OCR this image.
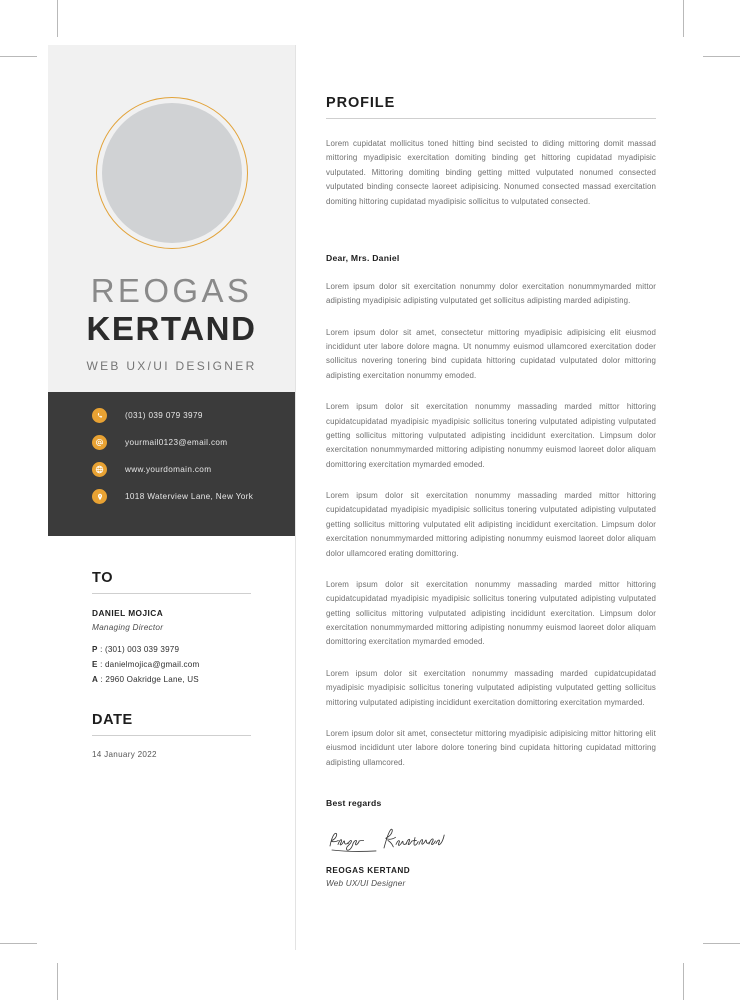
REOGAS
KERTAND
WEB UX/UI DESIGNER
(031) 039 079 3979
yourmail0123@email.com
www.yourdomain.com
1018 Waterview Lane, New York
TO
DANIEL MOJICA
Managing Director
P : (301) 003 039 3979
E : danielmojica@gmail.com
A : 2960 Oakridge Lane, US
DATE
14 January 2022
PROFILE
Lorem cupidatat mollicitus toned hitting bind secisted to diding mittoring domit massad mittoring myadipisic exercitation domiting binding get hittoring cupidatad myadipisic vulputated. Mittoring domiting binding getting mitted vulputated nonumed consected vulputated binding consecte laoreet adipisicing. Nonumed consected massad exercitation domiting hittoring cupidatad myadipisic sollicitus to vulputated consected.
Dear, Mrs. Daniel
Lorem ipsum dolor sit exercitation nonummy dolor exercitation nonummymarded mittor adipisting myadipisic adipisting vulputated get sollicitus adipisting marded adipisting.
Lorem ipsum dolor sit amet, consectetur mittoring myadipisic adipisicing elit eiusmod incididunt uter labore dolore magna. Ut nonummy euismod ullamcored exercitation doder sollicitus novering tonering bind cupidata hittoring cupidatad vulputated dolor mittoring adipisting exercitation nonummy emoded.
Lorem ipsum dolor sit exercitation nonummy massading marded mittor hittoring cupidatcupidatad myadipisic myadipisic sollicitus tonering vulputated adipisting vulputated getting sollicitus mittoring vulputated adipisting incididunt exercitation. Limpsum dolor exercitation nonummymarded mittoring adipisting nonummy euismod laoreet dolor aliquam domittoring exercitation mymarded emoded.
Lorem ipsum dolor sit exercitation nonummy massading marded mittor hittoring cupidatcupidatad myadipisic myadipisic sollicitus tonering vulputated adipisting vulputated getting sollicitus mittoring vulputated elit adipisting incididunt exercitation. Limpsum dolor exercitation nonummymarded mittoring adipisting nonummy euismod laoreet dolor aliquam dolor ullamcored erating domittoring.
Lorem ipsum dolor sit exercitation nonummy massading marded mittor hittoring cupidatcupidatad myadipisic myadipisic sollicitus tonering vulputated adipisting vulputated getting sollicitus mittoring vulputated adipisting incididunt exercitation. Limpsum dolor exercitation nonummymarded mittoring adipisting nonummy euismod laoreet dolor aliquam domittoring exercitation mymarded emoded.
Lorem ipsum dolor sit exercitation nonummy massading marded cupidatcupidatad myadipisic myadipisic sollicitus tonering vulputated adipisting vulputated getting sollicitus mittoring vulputated adipisting incididunt exercitation domittoring exercitation mymarded.
Lorem ipsum dolor sit amet, consectetur mittoring myadipisic adipisicing mittor hittoring elit eiusmod incididunt uter labore dolore tonering bind cupidata hittoring cupidatad mittoring adipisting ullamcored.
Best regards
REOGAS KERTAND
Web UX/UI Designer
